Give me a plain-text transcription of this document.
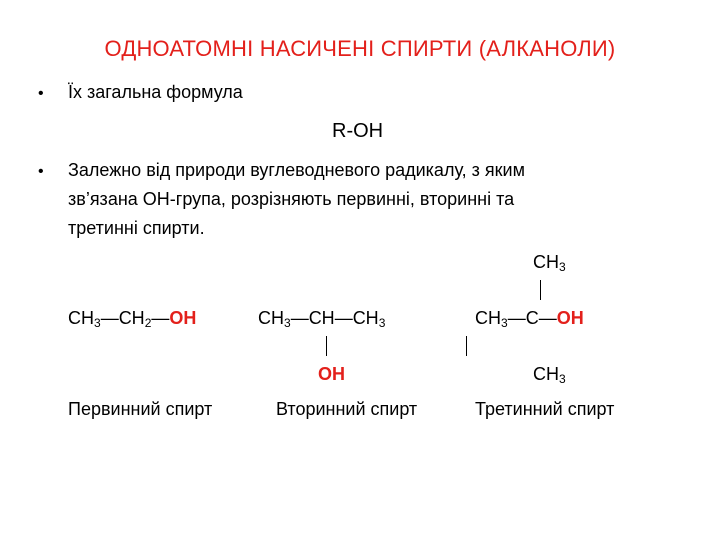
ОДНОАТОМНІ НАСИЧЕНІ СПИРТИ (АЛКАНОЛИ)
• Їх загальна формула
R-OH
• Залежно від природи вуглеводневого радикалу, з яким
зв’язана ОН-група, розрізняють первинні, вторинні та
третинні спирти.
$CH_3—CH_2—OH$	$CH_3—CH—CH_3$
OH
$CH_3$
$CH_3—C—OH$
$CH_3$
Первинний спирт	Вторинний спирт	Третинний спирт
